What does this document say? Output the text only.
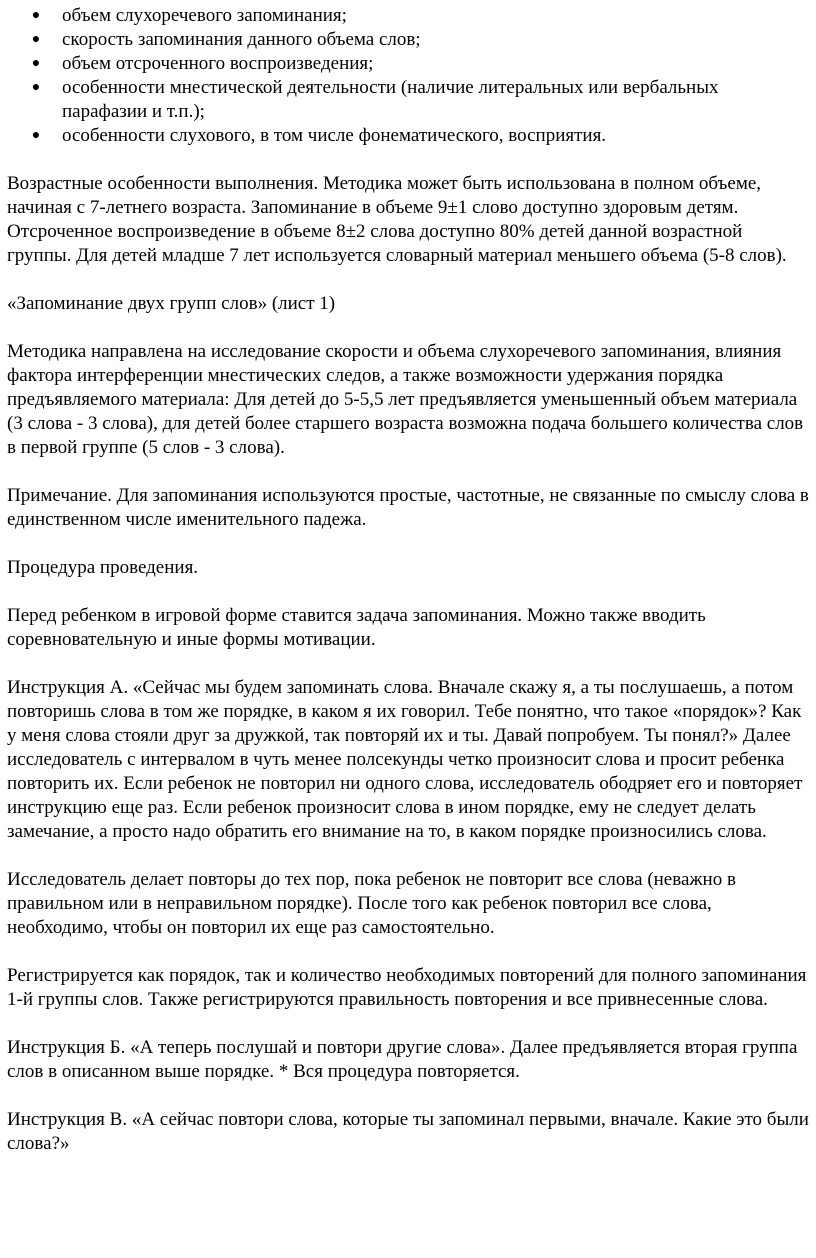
● объем слухоречевого запоминания;
● скорость запоминания данного объема слов;
● объем отсроченного воспроизведения;
● особенности мнестической деятельности (наличие литеральных или вербальных парафазии и т.п.);
● особенности слухового, в том числе фонематического, восприятия.

Возрастные особенности выполнения. Методика может быть использована в полном объеме, начиная с 7-летнего возраста. Запоминание в объеме 9±1 слово доступно здоровым детям. Отсроченное воспроизведение в объеме 8±2 слова доступно 80% детей данной возрастной группы. Для детей младше 7 лет используется словарный материал меньшего объема (5-8 слов).

«Запоминание двух групп слов» (лист 1)

Методика направлена на исследование скорости и объема слухоречевого запоминания, влияния фактора интерференции мнестических следов, а также возможности удержания порядка предъявляемого материала: Для детей до 5-5,5 лет предъявляется уменьшенный объем материала (3 слова - 3 слова), для детей более старшего возраста возможна подача большего количества слов в первой группе (5 слов - 3 слова).

Примечание. Для запоминания используются простые, частотные, не связанные по смыслу слова в единственном числе именительного падежа.

Процедура проведения.

Перед ребенком в игровой форме ставится задача запоминания. Можно также вводить соревновательную и иные формы мотивации.

Инструкция А. «Сейчас мы будем запоминать слова. Вначале скажу я, а ты послушаешь, а потом повторишь слова в том же порядке, в каком я их говорил. Тебе понятно, что такое «порядок»? Как у меня слова стояли друг за дружкой, так повторяй их и ты. Давай попробуем. Ты понял?» Далее исследователь с интервалом в чуть менее полсекунды четко произносит слова и просит ребенка повторить их. Если ребенок не повторил ни одного слова, исследователь ободряет его и повторяет инструкцию еще раз. Если ребенок произносит слова в ином порядке, ему не следует делать замечание, а просто надо обратить его внимание на то, в каком порядке произносились слова.

Исследователь делает повторы до тех пор, пока ребенок не повторит все слова (неважно в правильном или в неправильном порядке). После того как ребенок повторил все слова, необходимо, чтобы он повторил их еще раз самостоятельно.

Регистрируется как порядок, так и количество необходимых повторений для полного запоминания 1-й группы слов. Также регистрируются правильность повторения и все привнесенные слова.

Инструкция Б. «А теперь послушай и повтори другие слова». Далее предъявляется вторая группа слов в описанном выше порядке. * Вся процедура повторяется.

Инструкция В. «А сейчас повтори слова, которые ты запоминал первыми, вначале. Какие это были слова?»
